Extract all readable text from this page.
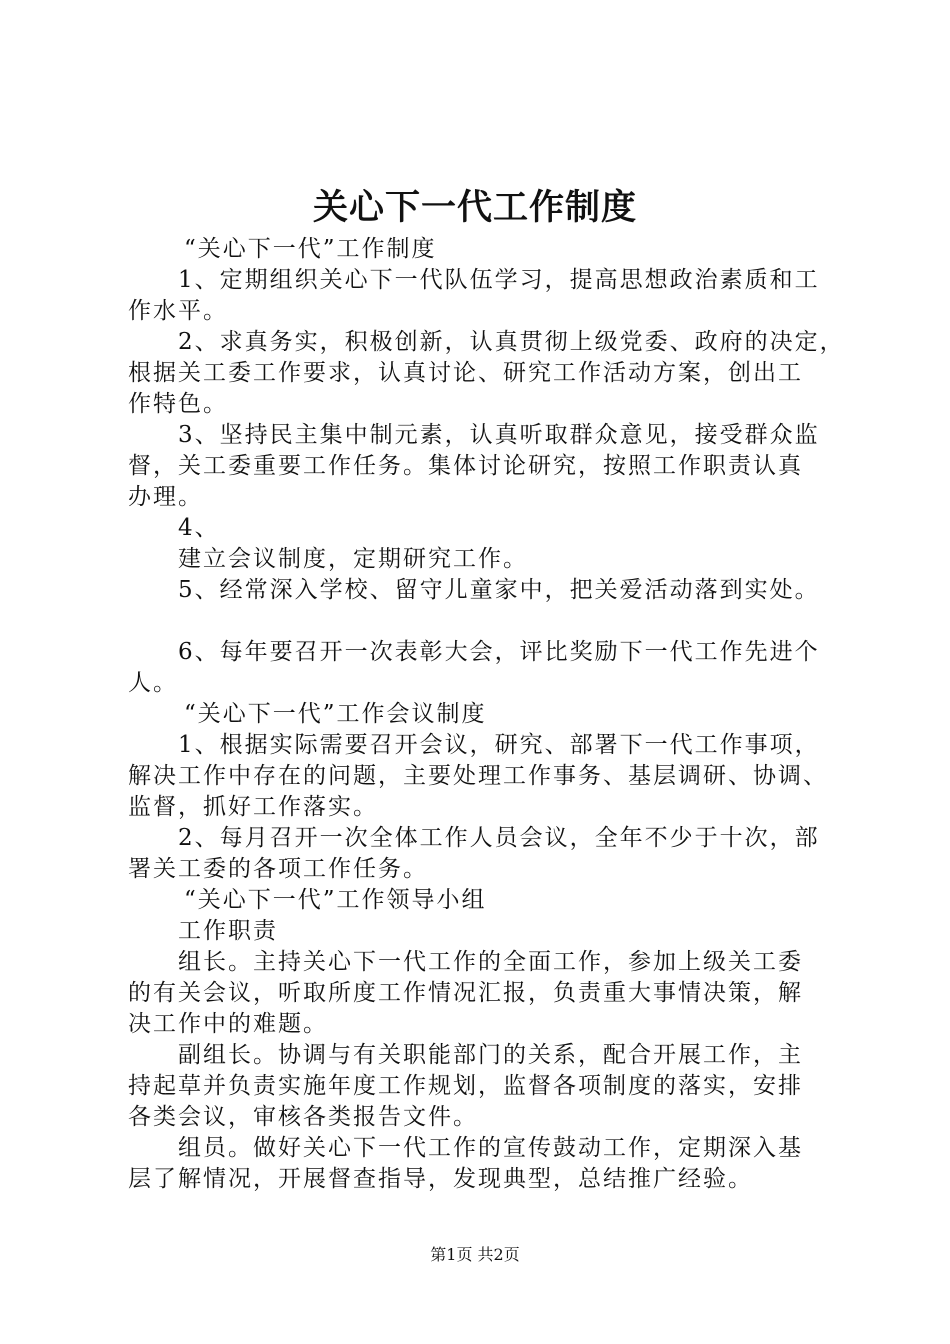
关心下一代工作制度
“关心下一代”工作制度
1、定期组织关心下一代队伍学习，提高思想政治素质和工
作水平。
2、求真务实，积极创新，认真贯彻上级党委、政府的决定，
根据关工委工作要求，认真讨论、研究工作活动方案，创出工
作特色。
3、坚持民主集中制元素，认真听取群众意见，接受群众监
督，关工委重要工作任务。集体讨论研究，按照工作职责认真
办理。
4、
建立会议制度，定期研究工作。
5、经常深入学校、留守儿童家中，把关爱活动落到实处。
6、每年要召开一次表彰大会，评比奖励下一代工作先进个
人。
“关心下一代”工作会议制度
1、根据实际需要召开会议，研究、部署下一代工作事项，
解决工作中存在的问题，主要处理工作事务、基层调研、协调、
监督，抓好工作落实。
2、每月召开一次全体工作人员会议，全年不少于十次，部
署关工委的各项工作任务。
“关心下一代”工作领导小组
工作职责
组长。主持关心下一代工作的全面工作，参加上级关工委
的有关会议，听取所度工作情况汇报，负责重大事情决策，解
决工作中的难题。
副组长。协调与有关职能部门的关系，配合开展工作，主
持起草并负责实施年度工作规划，监督各项制度的落实，安排
各类会议，审核各类报告文件。
组员。做好关心下一代工作的宣传鼓动工作，定期深入基
层了解情况，开展督查指导，发现典型，总结推广经验。
第1页 共2页
